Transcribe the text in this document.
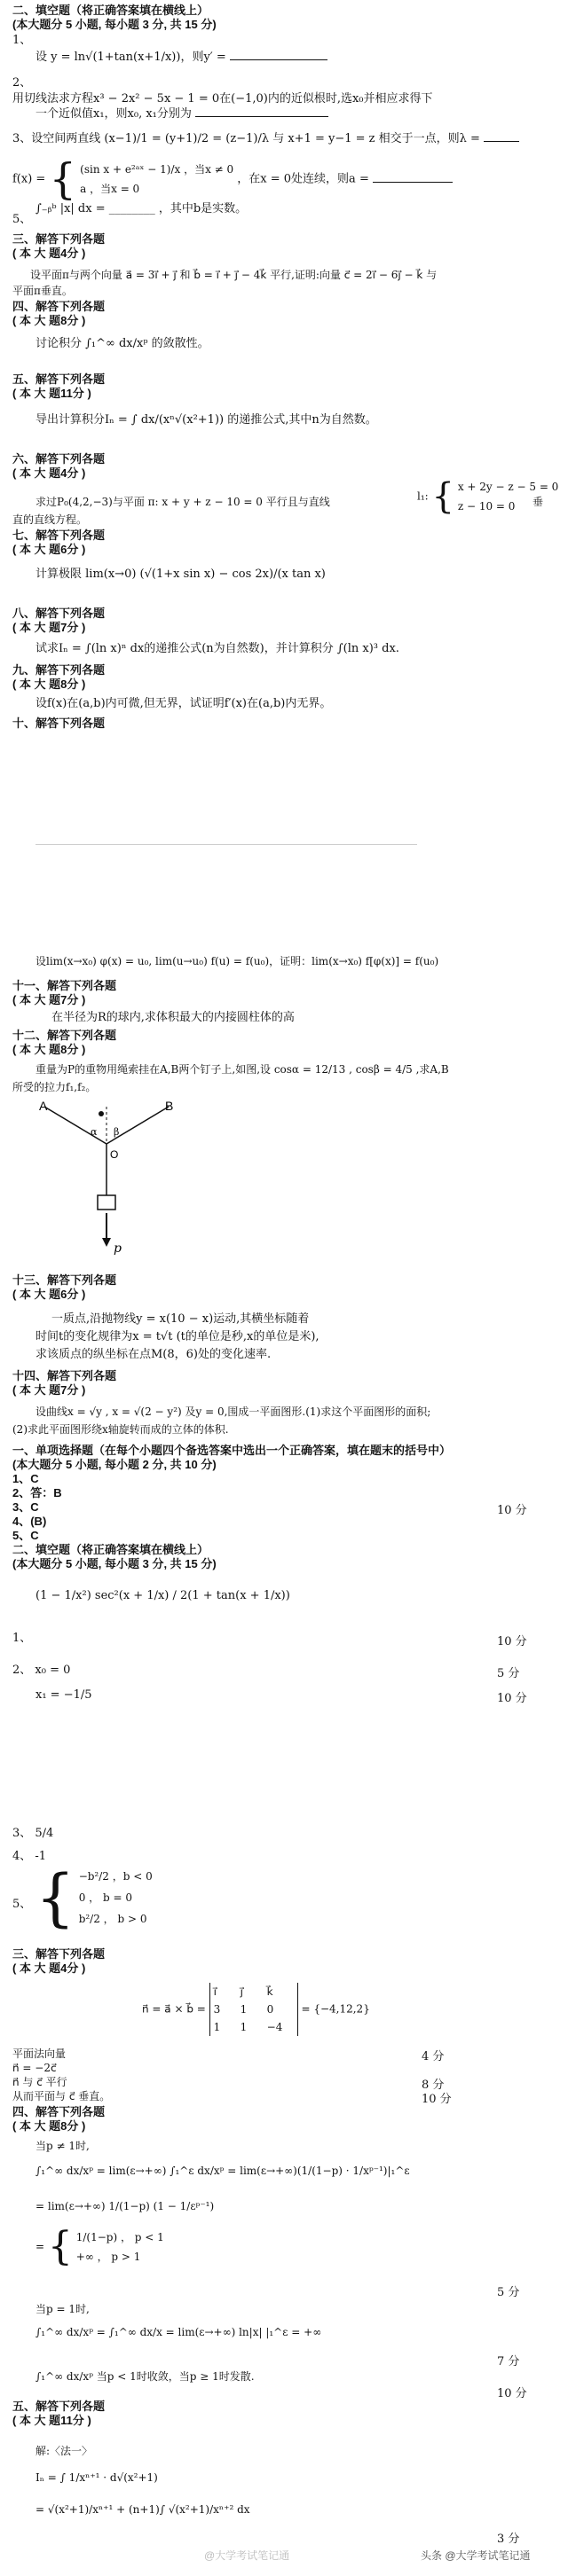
二、填空题（将正确答案填在横线上）
(本大题分 5 小题, 每小题 3 分, 共 15 分)
1、
设 y = ln√(1+tan(x+1/x))，则y′ =
2、
用切线法求方程x³ − 2x² − 5x − 1 = 0在(−1,0)内的近似根时,选x₀并相应求得下
一个近似值x₁，则x₀, x₁分别为
3、设空间两直线 (x−1)/1 = (y+1)/2 = (z−1)/λ 与 x+1 = y−1 = z 相交于一点，则λ =
f(x) = { (sin x + e²ᵃˣ − 1)/x ，当x ≠ 0
a ，当x = 0
，在x = 0处连续，则a =
5、
∫₋ᵦᵇ |x| dx = ________ ，其中b是实数。
三、解答下列各题
( 本 大 题4分 )
设平面π与两个向量 a⃗ = 3i⃗ + j⃗ 和 b⃗ = i⃗ + j⃗ − 4k⃗ 平行,证明:向量 c⃗ = 2i⃗ − 6j⃗ − k⃗ 与
平面π垂直。
四、解答下列各题
( 本 大 题8分 )
讨论积分 ∫₁^∞ dx/xᵖ 的敛散性。
五、解答下列各题
( 本 大 题11分 )
导出计算积分Iₙ = ∫ dx/(xⁿ√(x²+1)) 的递推公式,其中n为自然数。
六、解答下列各题
( 本 大 题4分 )
求过P₀(4,2,−3)与平面 π: x + y + z − 10 = 0 平行且与直线	l₁: { x + 2y − z − 5 = 0
z − 10 = 0	垂
直的直线方程。
七、解答下列各题
( 本 大 题6分 )
计算极限 lim(x→0) (√(1+x sin x) − cos 2x)/(x tan x)
八、解答下列各题
( 本 大 题7分 )
试求Iₙ = ∫(ln x)ⁿ dx的递推公式(n为自然数)，并计算积分 ∫(ln x)³ dx.
九、解答下列各题
( 本 大 题8分 )
设f(x)在(a,b)内可微,但无界，试证明f′(x)在(a,b)内无界。
十、解答下列各题
设lim(x→x₀) φ(x) = u₀, lim(u→u₀) f(u) = f(u₀)，证明：lim(x→x₀) f[φ(x)] = f(u₀)
十一、解答下列各题
( 本 大 题7分 )
在半径为R的球内,求体积最大的内接圆柱体的高
十二、解答下列各题
( 本 大 题8分 )
重量为P的重物用绳索挂在A,B两个钉子上,如图,设 cosα = 12/13 , cosβ = 4/5 ,求A,B
所受的拉力f₁,f₂。
A	B
α β
O
p
十三、解答下列各题
( 本 大 题6分 )
一质点,沿抛物线y = x(10 − x)运动,其横坐标随着
时间t的变化规律为x = t√t (t的单位是秒,x的单位是米),
求该质点的纵坐标在点M(8，6)处的变化速率.
十四、解答下列各题
( 本 大 题7分 )
设曲线x = √y , x = √(2 − y²) 及y = 0,围成一平面图形.(1)求这个平面图形的面积;
(2)求此平面图形绕x轴旋转而成的立体的体积.
一、单项选择题（在每个小题四个备选答案中选出一个正确答案，填在题末的括号中）
(本大题分 5 小题, 每小题 2 分, 共 10 分)
1、C
2、答：B
3、C	10 分
4、(B)
5、C
二、填空题（将正确答案填在横线上）
(本大题分 5 小题, 每小题 3 分, 共 15 分)
(1 − 1/x²) sec²(x + 1/x) / 2(1 + tan(x + 1/x))
1、	10 分
2、 x₀ = 0	5 分
x₁ = −1/5	10 分
3、 5/4
4、 -1
{ −b²/2 ，b < 0
0 ， b = 0
b²/2 ， b > 0
5、
三、解答下列各题
( 本 大 题4分 )
n⃗ = a⃗ × b⃗ =
i⃗	j⃗	k⃗
3	1	0
1	1	−4
= {−4,12,2}
平面法向量	4 分
n⃗ = −2c⃗
n⃗ 与 c⃗ 平行	8 分
从而平面与 c⃗ 垂直。	10 分
四、解答下列各题
( 本 大 题8分 )
当p ≠ 1时,
∫₁^∞ dx/xᵖ = lim(ε→+∞) ∫₁^ε dx/xᵖ = lim(ε→+∞)(1/(1−p) · 1/xᵖ⁻¹)|₁^ε
= lim(ε→+∞) 1/(1−p) (1 − 1/εᵖ⁻¹)
= { 1/(1−p) ， p < 1
+∞ ， p > 1
5 分
当p = 1时,
∫₁^∞ dx/xᵖ = ∫₁^∞ dx/x = lim(ε→+∞) ln|x| |₁^ε = +∞
7 分
∫₁^∞ dx/xᵖ 当p < 1时收敛，当p ≥ 1时发散.
10 分
五、解答下列各题
( 本 大 题11分 )
解:〈法一〉
Iₙ = ∫ 1/xⁿ⁺¹ · d√(x²+1)
= √(x²+1)/xⁿ⁺¹ + (n+1)∫ √(x²+1)/xⁿ⁺² dx
3 分
@大学考试笔记通	头条 @大学考试笔记通
